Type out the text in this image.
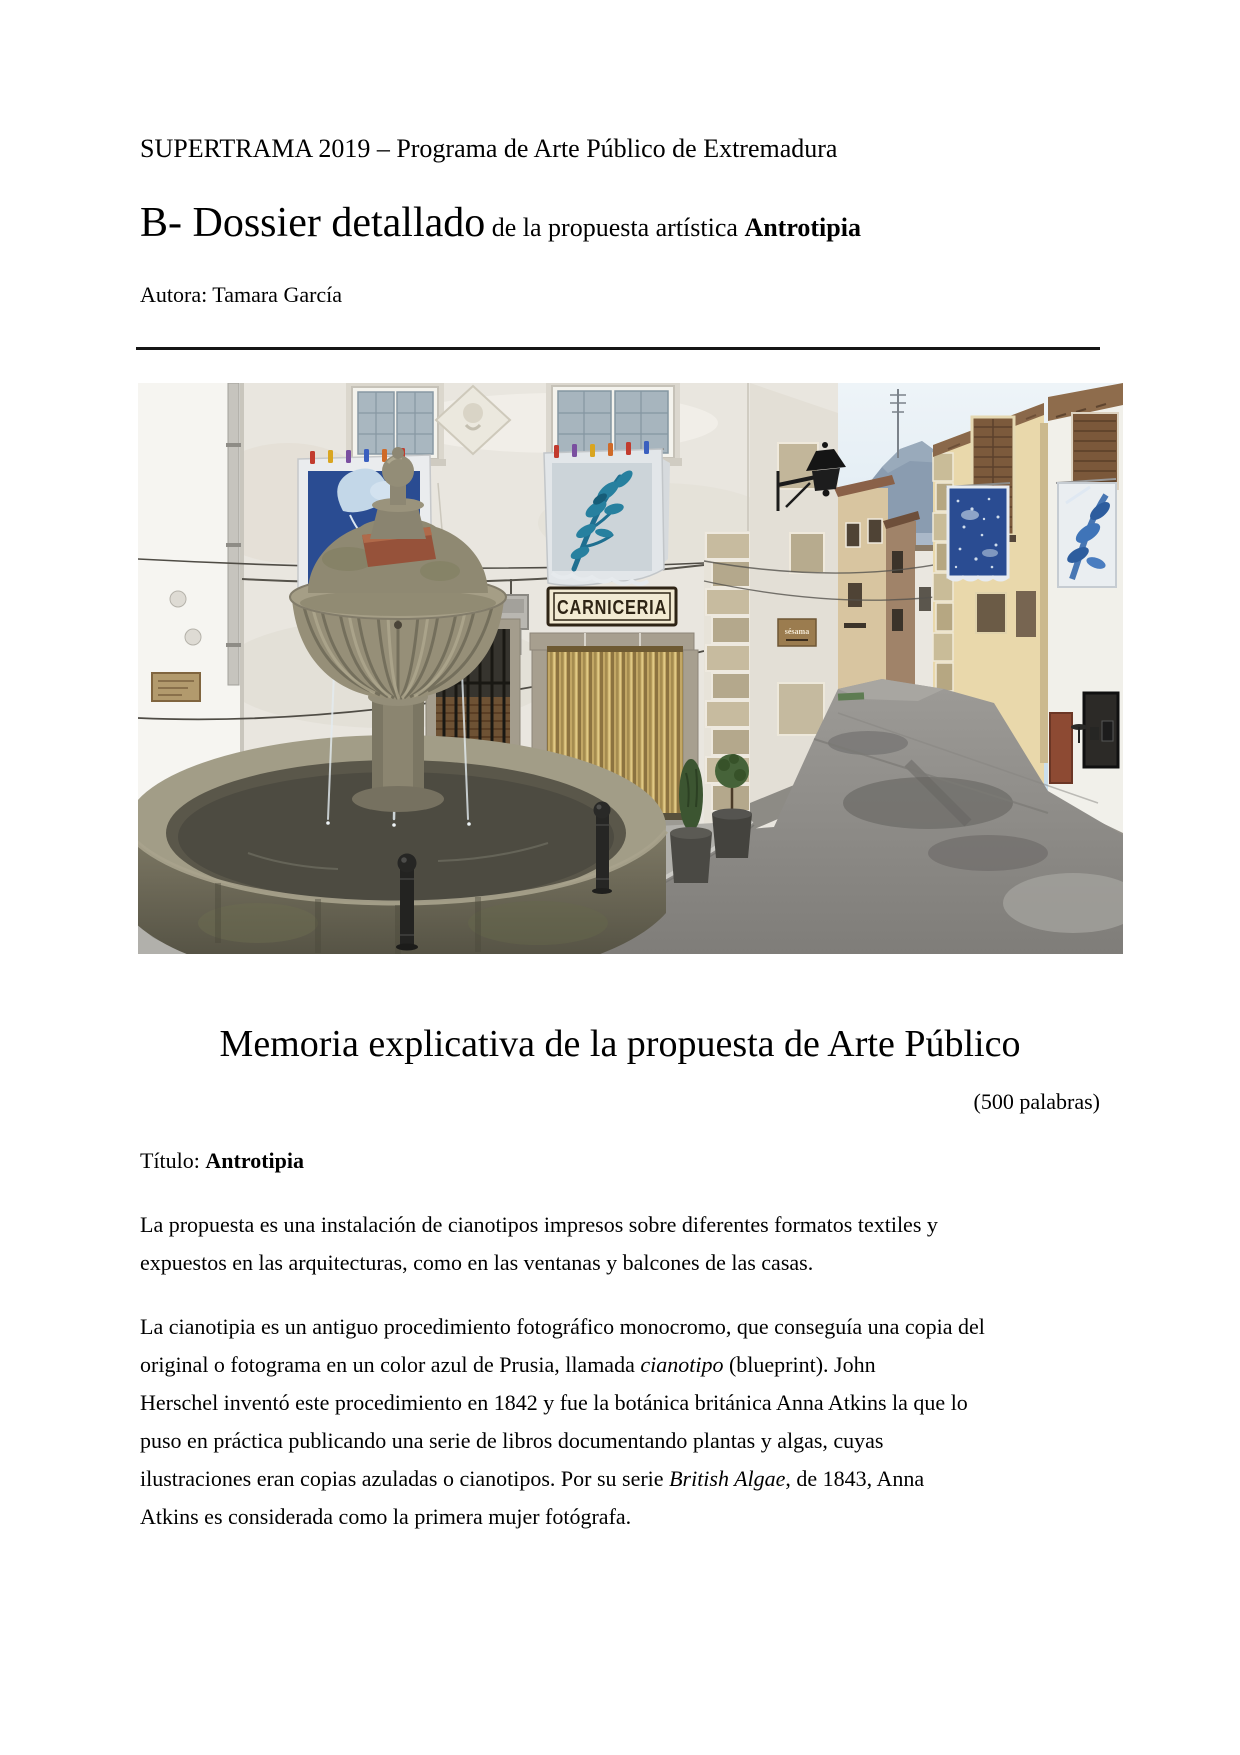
SUPERTRAMA 2019 – Programa de Arte Público de Extremadura
B- Dossier detallado de la propuesta artística Antrotipia
Autora: Tamara García
CARNICERIA
sésama
Memoria explicativa de la propuesta de Arte Público
(500 palabras)
Título: Antrotipia

La propuesta es una instalación de cianotipos impresos sobre diferentes formatos textiles y
expuestos en las arquitecturas, como en las ventanas y balcones de las casas.

La cianotipia es un antiguo procedimiento fotográfico monocromo, que conseguía una copia del
original o fotograma en un color azul de Prusia, llamada cianotipo (blueprint). John
Herschel inventó este procedimiento en 1842 y fue la botánica británica Anna Atkins la que lo
puso en práctica publicando una serie de libros documentando plantas y algas, cuyas
ilustraciones eran copias azuladas o cianotipos. Por su serie British Algae, de 1843, Anna
Atkins es considerada como la primera mujer fotógrafa.
